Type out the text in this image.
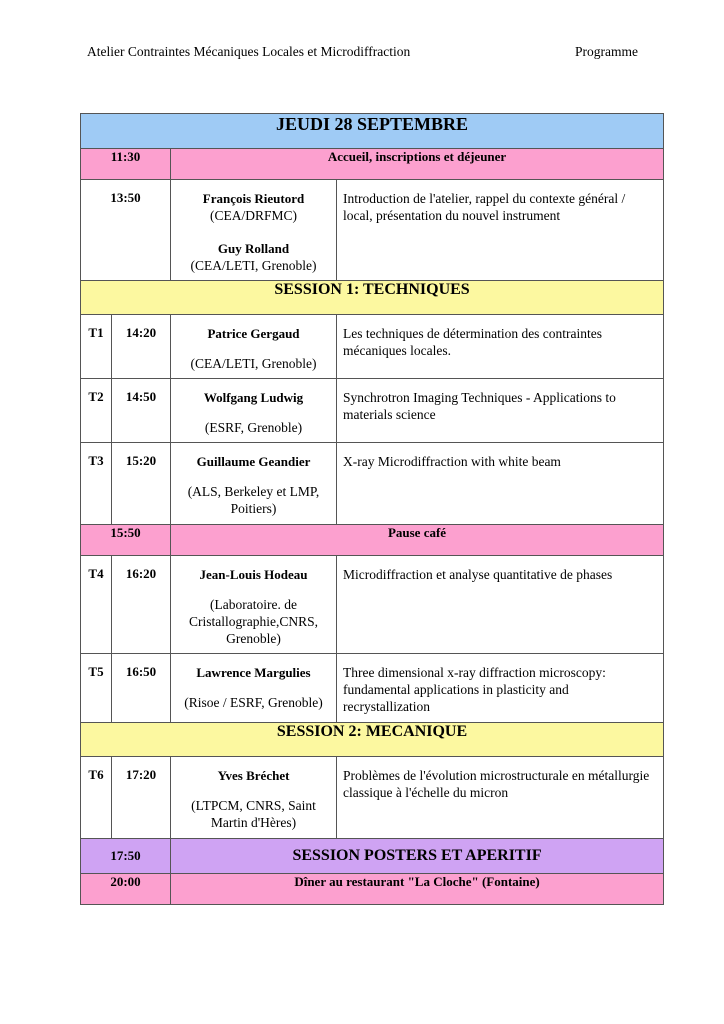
Atelier Contraintes Mécaniques Locales et Microdiffraction	Programme
JEUDI 28 SEPTEMBRE			
11:30		Accueil, inscriptions et déjeuner	
13:50		François Rieutord
(CEA/DRFMC)
Guy Rolland
(CEA/LETI, Grenoble)	Introduction de l'atelier, rappel du contexte général / local, présentation du nouvel instrument
SESSION 1: TECHNIQUES			
T1	14:20	Patrice Gergaud
(CEA/LETI, Grenoble)	Les techniques de détermination des contraintes mécaniques locales.
T2	14:50	Wolfgang Ludwig
(ESRF, Grenoble)	Synchrotron Imaging Techniques - Applications to materials science
T3	15:20	Guillaume Geandier
(ALS, Berkeley et LMP, Poitiers)	X-ray Microdiffraction with white beam
15:50		Pause café	
T4	16:20	Jean-Louis Hodeau
(Laboratoire. de Cristallographie,CNRS, Grenoble)	Microdiffraction et analyse quantitative de phases
T5	16:50	Lawrence Margulies
(Risoe / ESRF, Grenoble)	Three dimensional x-ray diffraction microscopy: fundamental applications in plasticity and recrystallization
SESSION 2: MECANIQUE			
T6	17:20	Yves Bréchet
(LTPCM, CNRS, Saint Martin d'Hères)	Problèmes de l'évolution microstructurale en métallurgie classique à l'échelle du micron
17:50		SESSION POSTERS ET APERITIF	
20:00		Dîner au restaurant "La Cloche" (Fontaine)	
